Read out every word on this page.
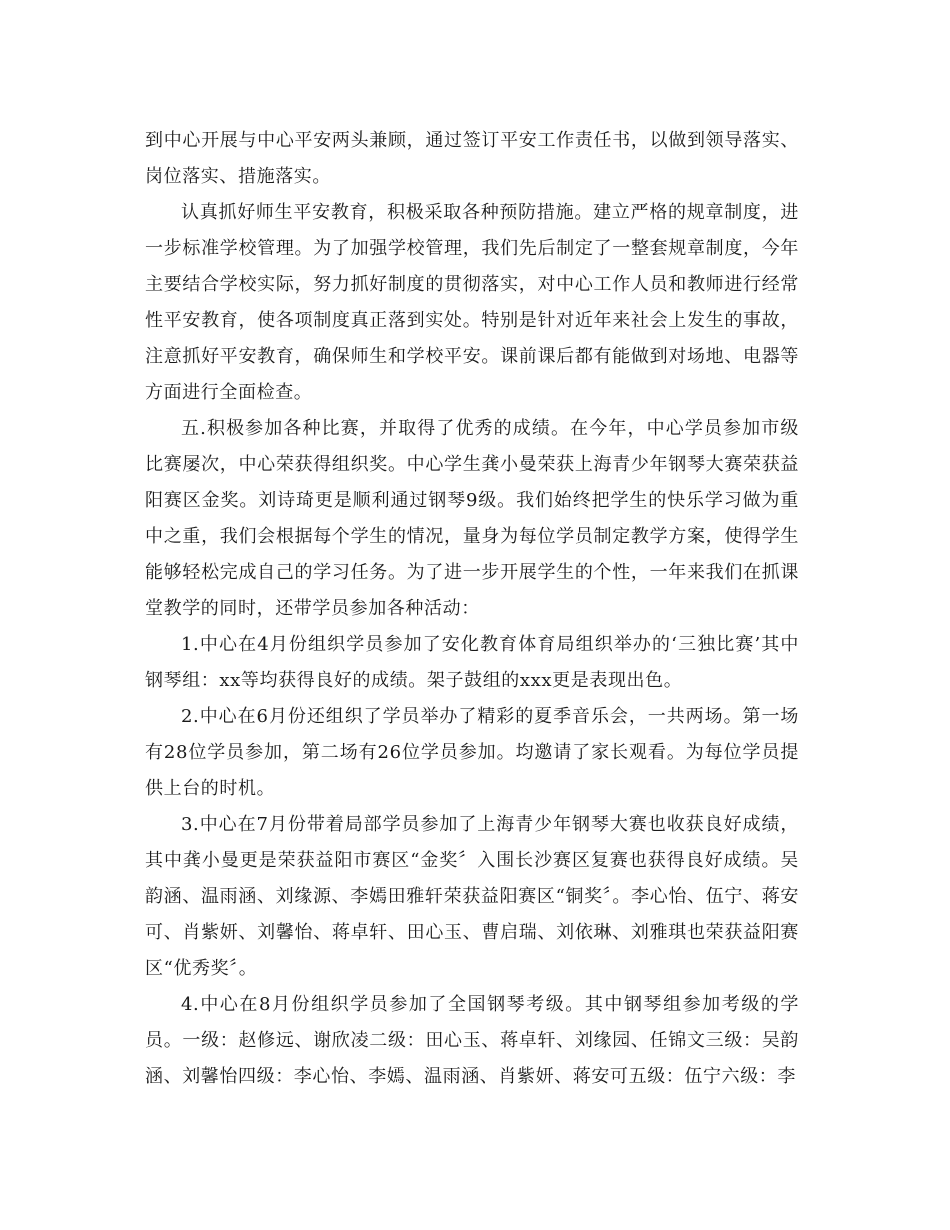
到中心开展与中心平安两头兼顾，通过签订平安工作责任书，以做到领导落实、岗位落实、措施落实。

认真抓好师生平安教育，积极采取各种预防措施。建立严格的规章制度，进一步标准学校管理。为了加强学校管理，我们先后制定了一整套规章制度，今年主要结合学校实际，努力抓好制度的贯彻落实，对中心工作人员和教师进行经常性平安教育，使各项制度真正落到实处。特别是针对近年来社会上发生的事故，注意抓好平安教育，确保师生和学校平安。课前课后都有能做到对场地、电器等方面进行全面检查。

五.积极参加各种比赛，并取得了优秀的成绩。在今年，中心学员参加市级比赛屡次，中心荣获得组织奖。中心学生龚小曼荣获上海青少年钢琴大赛荣获益阳赛区金奖。刘诗琦更是顺利通过钢琴9级。我们始终把学生的快乐学习做为重中之重，我们会根据每个学生的情况，量身为每位学员制定教学方案，使得学生能够轻松完成自己的学习任务。为了进一步开展学生的个性，一年来我们在抓课堂教学的同时，还带学员参加各种活动：

1.中心在4月份组织学员参加了安化教育体育局组织举办的‘三独比赛’其中钢琴组：xx等均获得良好的成绩。架子鼓组的xxx更是表现出色。

2.中心在6月份还组织了学员举办了精彩的夏季音乐会，一共两场。第一场有28位学员参加，第二场有26位学员参加。均邀请了家长观看。为每位学员提供上台的时机。

3.中心在7月份带着局部学员参加了上海青少年钢琴大赛也收获良好成绩，其中龚小曼更是荣获益阳市赛区“金奖〞入围长沙赛区复赛也获得良好成绩。吴韵涵、温雨涵、刘缘源、李嫣田雅轩荣获益阳赛区“铜奖〞。李心怡、伍宁、蒋安可、肖紫妍、刘馨怡、蒋卓轩、田心玉、曹启瑞、刘依琳、刘雅琪也荣获益阳赛区“优秀奖〞。

4.中心在8月份组织学员参加了全国钢琴考级。其中钢琴组参加考级的学员。一级：赵修远、谢欣凌二级：田心玉、蒋卓轩、刘缘园、任锦文三级：吴韵涵、刘馨怡四级：李心怡、李嫣、温雨涵、肖紫妍、蒋安可五级：伍宁六级：李
